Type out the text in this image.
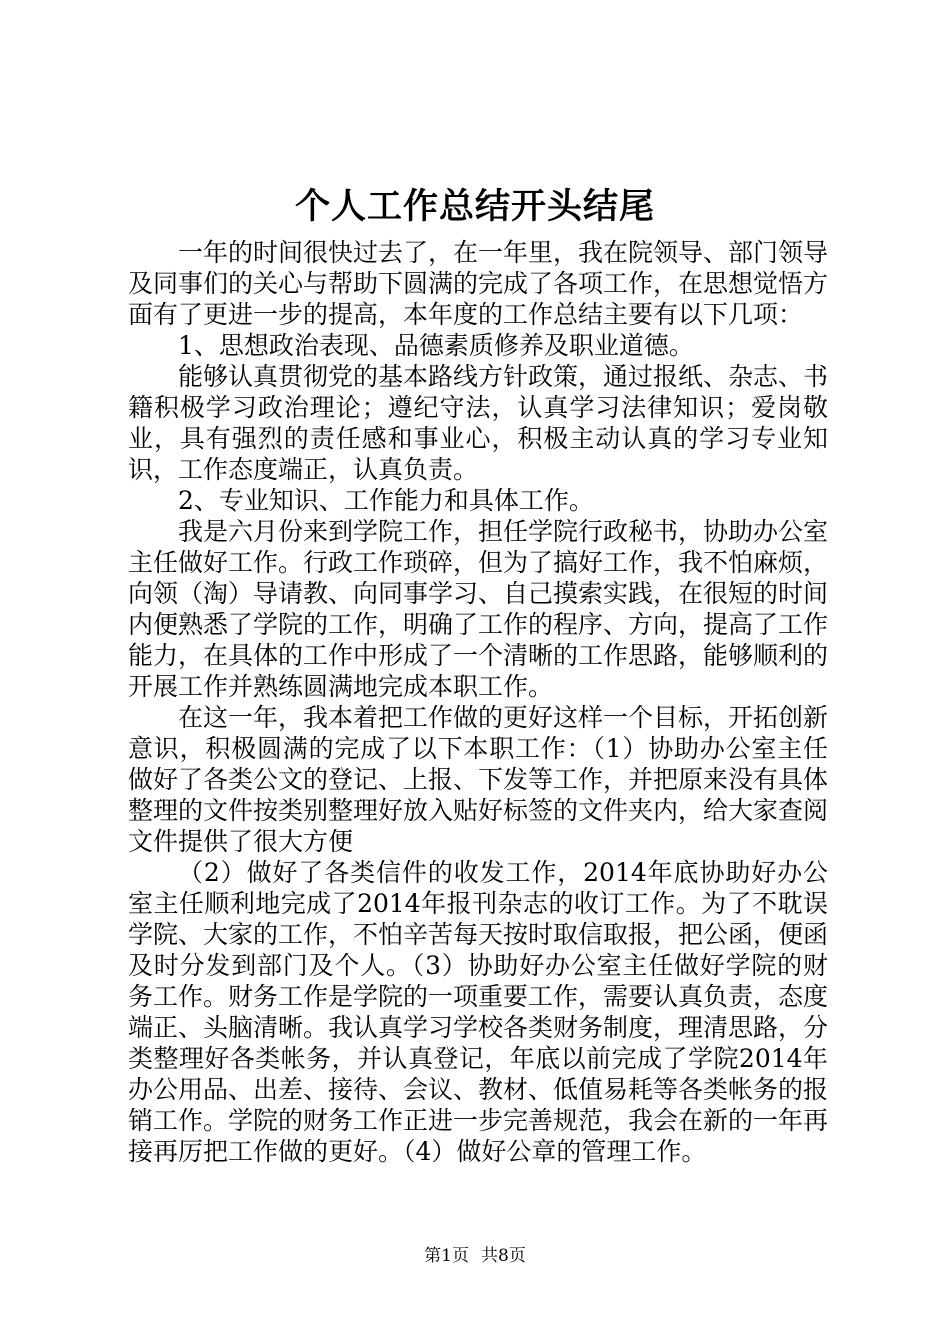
个人工作总结开头结尾

一年的时间很快过去了，在一年里，我在院领导、部门领导及同事们的关心与帮助下圆满的完成了各项工作，在思想觉悟方面有了更进一步的提高，本年度的工作总结主要有以下几项：

1、思想政治表现、品德素质修养及职业道德。

能够认真贯彻党的基本路线方针政策，通过报纸、杂志、书籍积极学习政治理论；遵纪守法，认真学习法律知识；爱岗敬业，具有强烈的责任感和事业心，积极主动认真的学习专业知识，工作态度端正，认真负责。

2、专业知识、工作能力和具体工作。

我是六月份来到学院工作，担任学院行政秘书，协助办公室主任做好工作。行政工作琐碎，但为了搞好工作，我不怕麻烦，向领（淘）导请教、向同事学习、自己摸索实践，在很短的时间内便熟悉了学院的工作，明确了工作的程序、方向，提高了工作能力，在具体的工作中形成了一个清晰的工作思路，能够顺利的开展工作并熟练圆满地完成本职工作。

在这一年，我本着把工作做的更好这样一个目标，开拓创新意识，积极圆满的完成了以下本职工作：（1）协助办公室主任做好了各类公文的登记、上报、下发等工作，并把原来没有具体整理的文件按类别整理好放入贴好标签的文件夹内，给大家查阅文件提供了很大方便

（2）做好了各类信件的收发工作，2014年底协助好办公室主任顺利地完成了2014年报刊杂志的收订工作。为了不耽误学院、大家的工作，不怕辛苦每天按时取信取报，把公函，便函及时分发到部门及个人。（3）协助好办公室主任做好学院的财务工作。财务工作是学院的一项重要工作，需要认真负责，态度端正、头脑清晰。我认真学习学校各类财务制度，理清思路，分类整理好各类帐务，并认真登记，年底以前完成了学院2014年办公用品、出差、接待、会议、教材、低值易耗等各类帐务的报销工作。学院的财务工作正进一步完善规范，我会在新的一年再接再厉把工作做的更好。（4）做好公章的管理工作。

第1页 共8页
